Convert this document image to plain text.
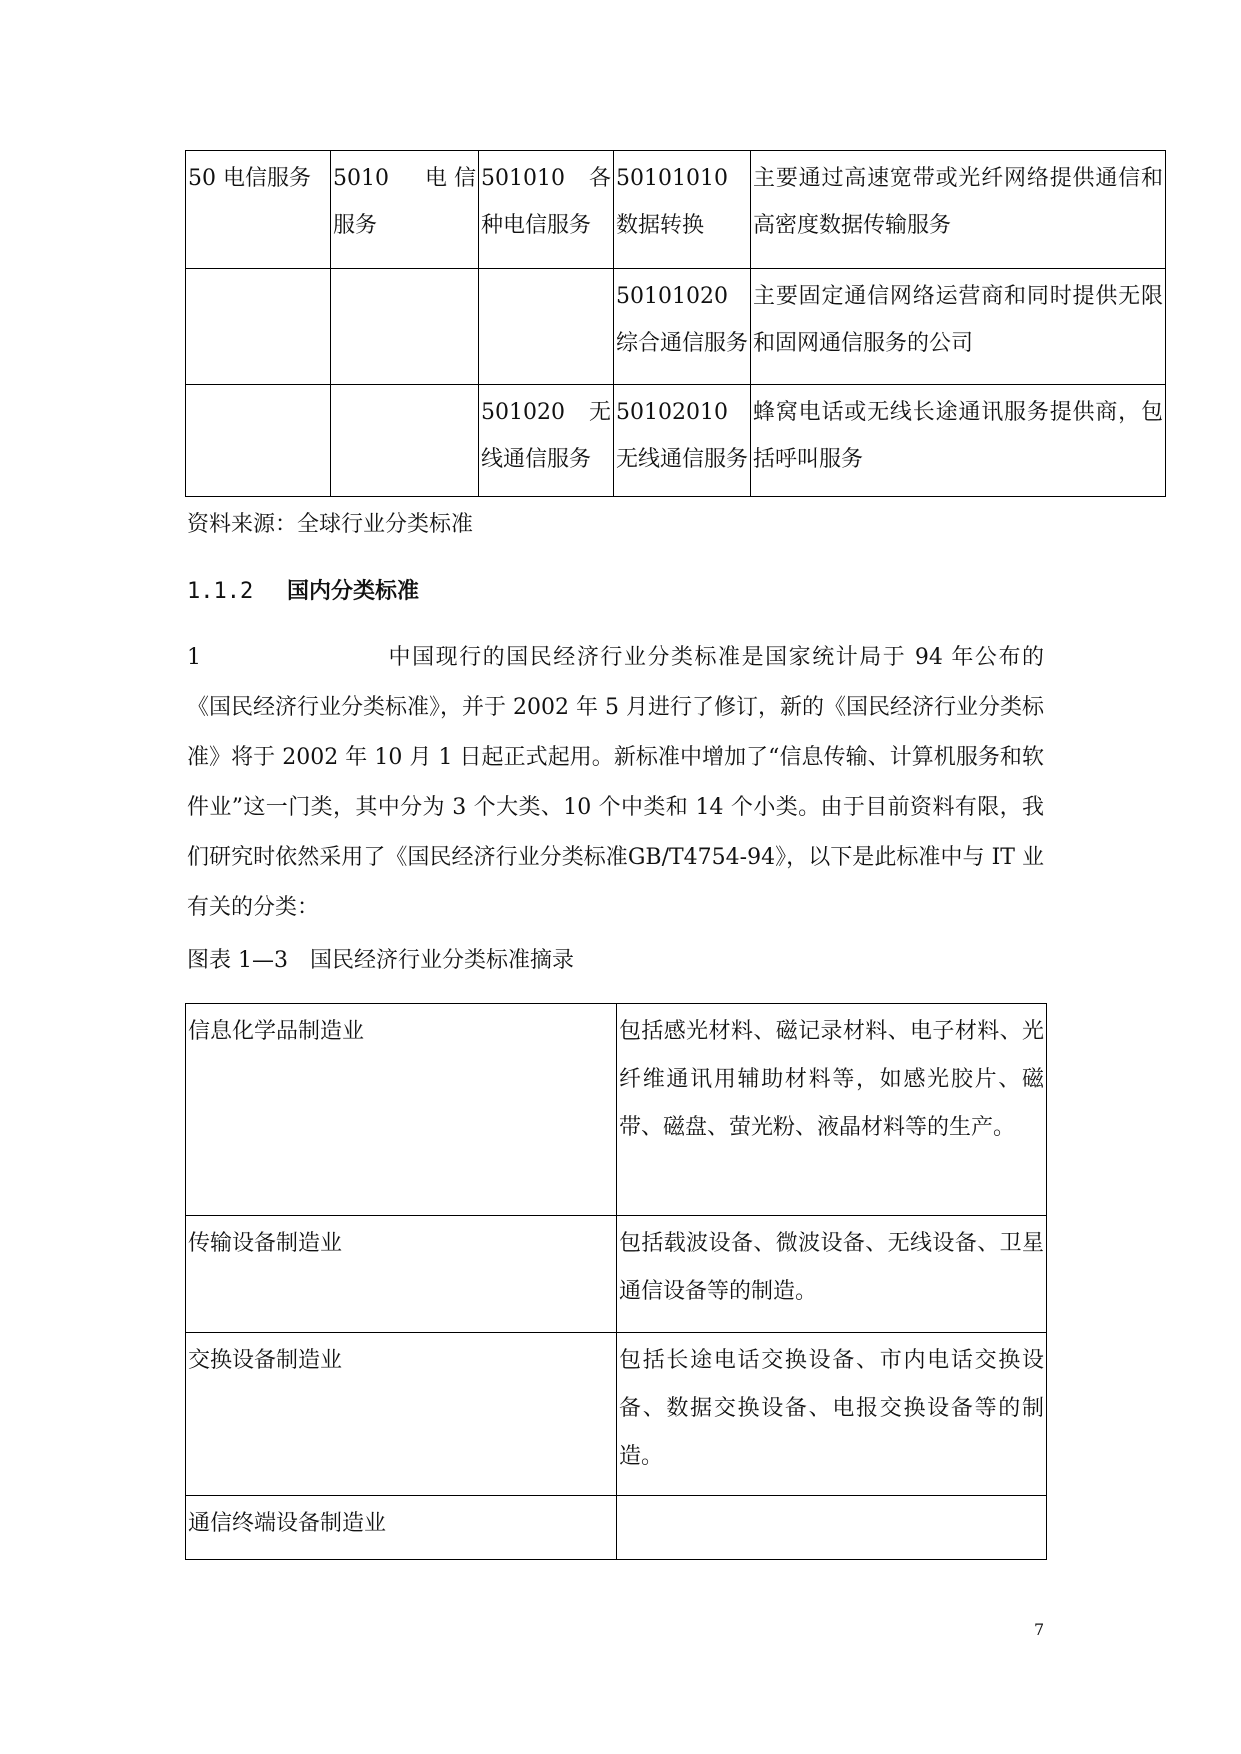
50 电信服务	5010　电信服务	501010　各种电信服务	50101010　数据转换	主要通过高速宽带或光纤网络提供通信和高密度数据传输服务
			50101020　综合通信服务	主要固定通信网络运营商和同时提供无限和固网通信服务的公司
		501020　无线通信服务	50102010　无线通信服务	蜂窝电话或无线长途通讯服务提供商，包括呼叫服务
资料来源：全球行业分类标准
1.1.2 国内分类标准
1	中国现行的国民经济行业分类标准是国家统计局于 94 年公布的《国民经济行业分类标准》，并于 2002 年 5 月进行了修订，新的《国民经济行业分类标准》将于 2002 年 10 月 1 日起正式起用。新标准中增加了“信息传输、计算机服务和软件业”这一门类，其中分为 3 个大类、10 个中类和 14 个小类。由于目前资料有限，我们研究时依然采用了《国民经济行业分类标准GB/T4754-94》，以下是此标准中与 IT 业有关的分类：
图表 1—3　国民经济行业分类标准摘录
信息化学品制造业	包括感光材料、磁记录材料、电子材料、光纤维通讯用辅助材料等，如感光胶片、磁带、磁盘、萤光粉、液晶材料等的生产。
传输设备制造业	包括载波设备、微波设备、无线设备、卫星通信设备等的制造。
交换设备制造业	包括长途电话交换设备、市内电话交换设备、数据交换设备、电报交换设备等的制造。
通信终端设备制造业	
7
